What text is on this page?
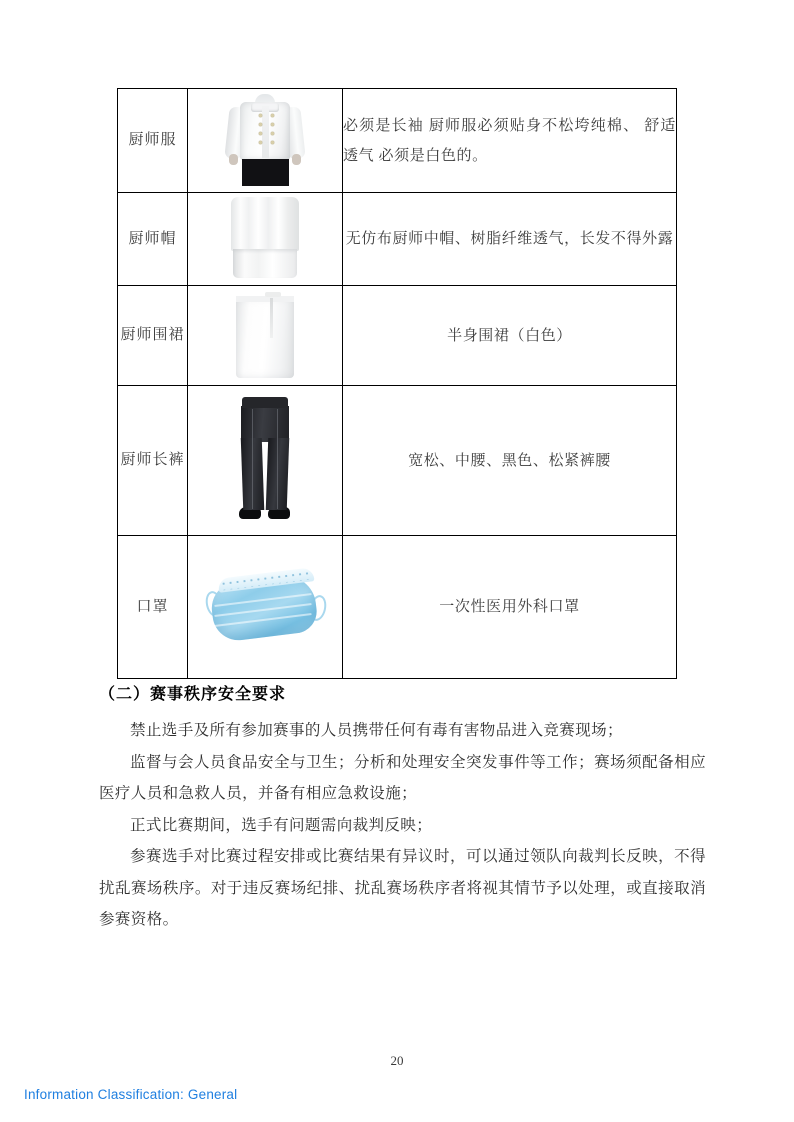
厨师服		必须是长袖 厨师服必须贴身不松垮纯棉、 舒适透气 必须是白色的。
厨师帽		无仿布厨师中帽、树脂纤维透气，长发不得外露
厨师围裙		半身围裙（白色）
厨师长裤		宽松、中腰、黑色、松紧裤腰
口罩		一次性医用外科口罩
（二）赛事秩序安全要求

禁止选手及所有参加赛事的人员携带任何有毒有害物品进入竞赛现场；

监督与会人员食品安全与卫生；分析和处理安全突发事件等工作；赛场须配备相应医疗人员和急救人员，并备有相应急救设施；

正式比赛期间，选手有问题需向裁判反映；

参赛选手对比赛过程安排或比赛结果有异议时，可以通过领队向裁判长反映，不得扰乱赛场秩序。对于违反赛场纪排、扰乱赛场秩序者将视其情节予以处理，或直接取消参赛资格。

20
Information Classification: General
